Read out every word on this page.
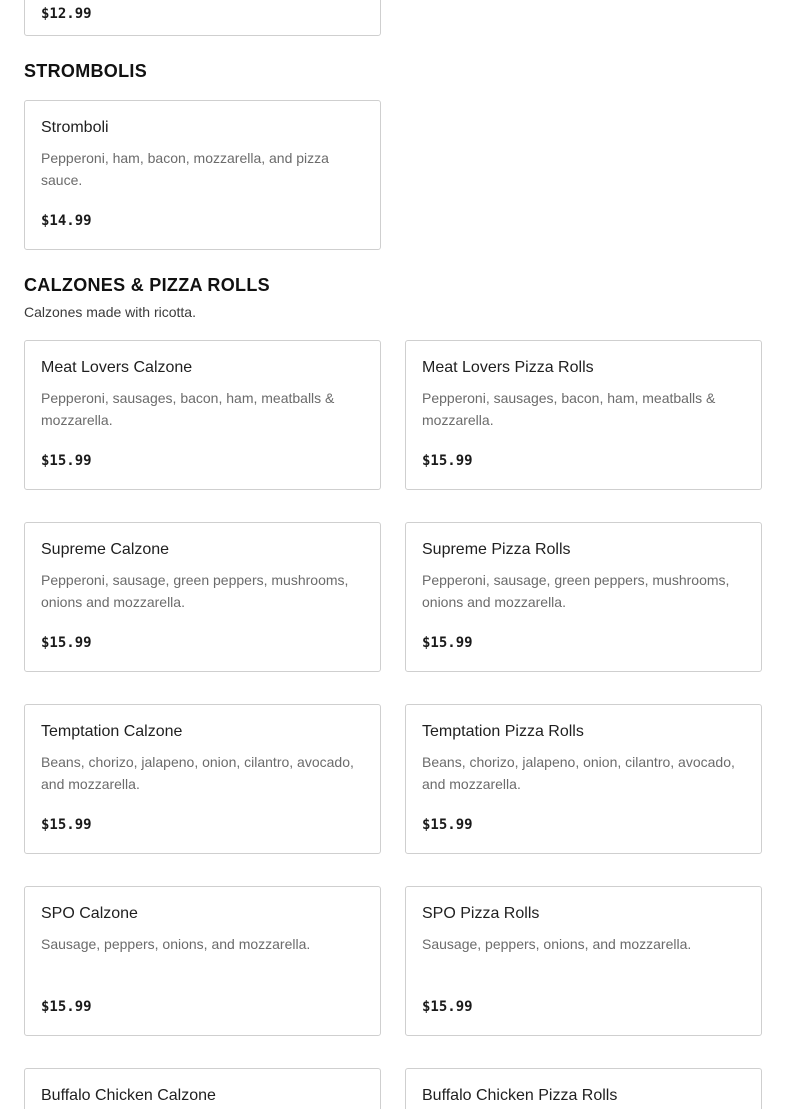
$12.99
STROMBOLIS
Stromboli
Pepperoni, ham, bacon, mozzarella, and pizza sauce.
$14.99
CALZONES & PIZZA ROLLS
Calzones made with ricotta.
Meat Lovers Calzone
Pepperoni, sausages, bacon, ham, meatballs & mozzarella.
$15.99
Meat Lovers Pizza Rolls
Pepperoni, sausages, bacon, ham, meatballs & mozzarella.
$15.99
Supreme Calzone
Pepperoni, sausage, green peppers, mushrooms, onions and mozzarella.
$15.99
Supreme Pizza Rolls
Pepperoni, sausage, green peppers, mushrooms, onions and mozzarella.
$15.99
Temptation Calzone
Beans, chorizo, jalapeno, onion, cilantro, avocado, and mozzarella.
$15.99
Temptation Pizza Rolls
Beans, chorizo, jalapeno, onion, cilantro, avocado, and mozzarella.
$15.99
SPO Calzone
Sausage, peppers, onions, and mozzarella.
$15.99
SPO Pizza Rolls
Sausage, peppers, onions, and mozzarella.
$15.99
Buffalo Chicken Calzone	Buffalo Chicken Pizza Rolls
